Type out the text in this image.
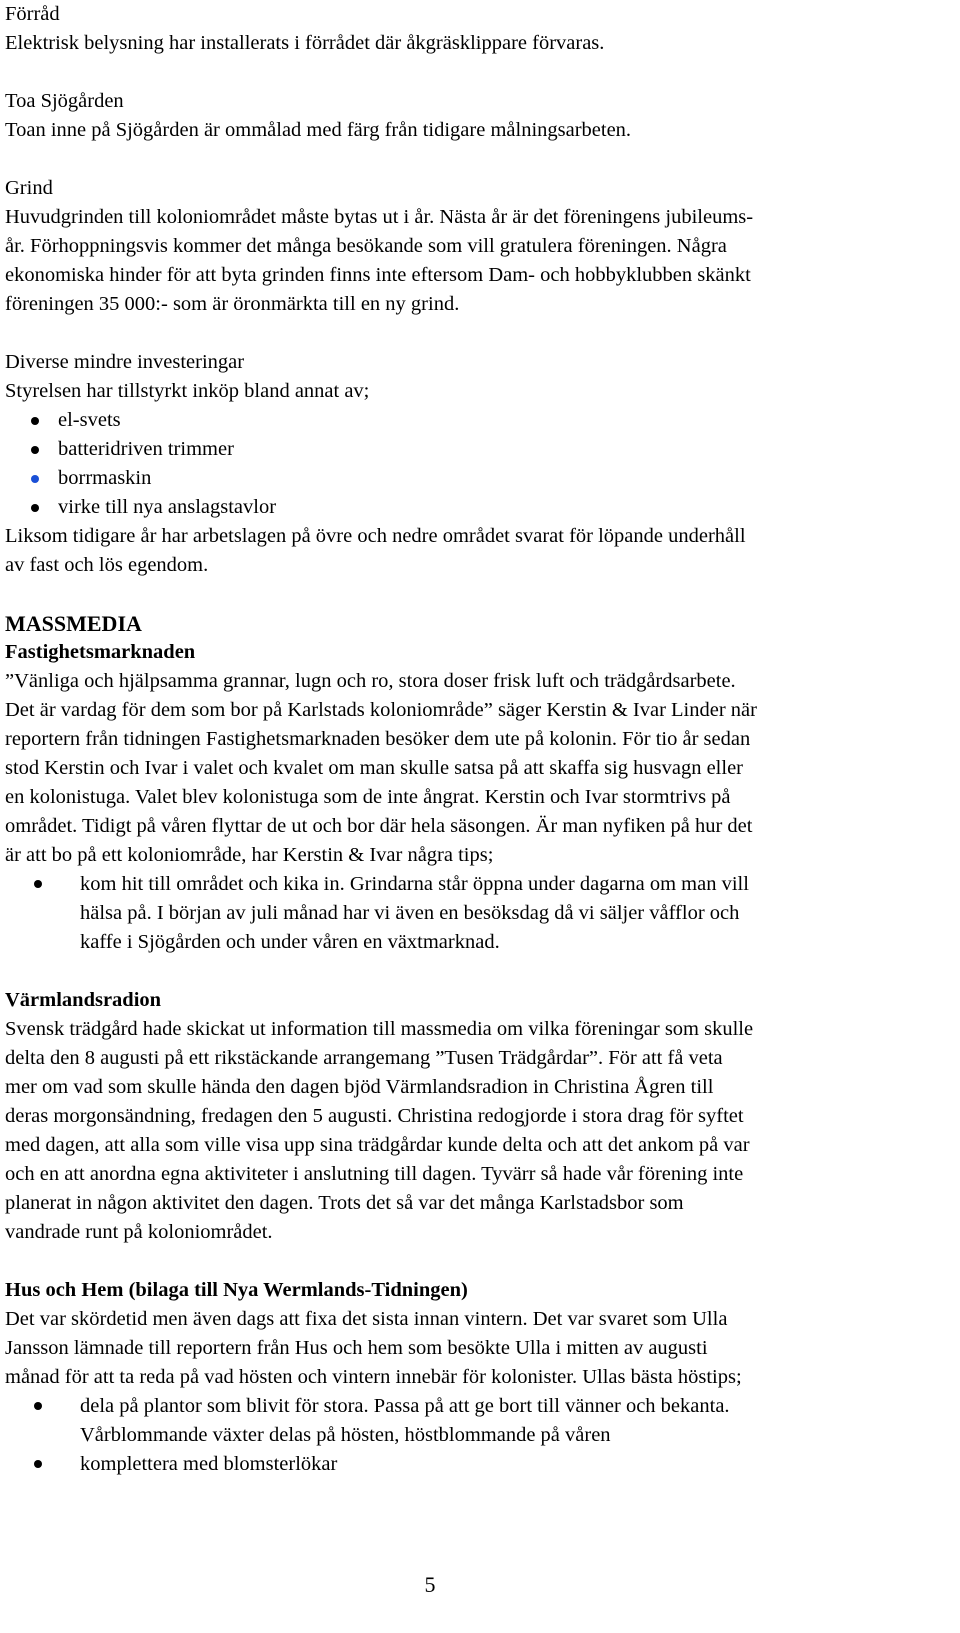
Förråd

Elektrisk belysning har installerats i förrådet där åkgräsklippare förvaras.

Toa Sjögården

Toan inne på Sjögården är ommålad med färg från tidigare målningsarbeten.

Grind

Huvudgrinden till koloniområdet måste bytas ut i år. Nästa år är det föreningens jubileums-

år. Förhoppningsvis kommer det många besökande som vill gratulera föreningen. Några

ekonomiska hinder för att byta grinden finns inte eftersom Dam- och hobbyklubben skänkt

föreningen 35 000:- som är öronmärkta till en ny grind.

Diverse mindre investeringar

Styrelsen har tillstyrkt inköp bland annat av;

el-svets
batteridriven trimmer
borrmaskin
virke till nya anslagstavlor

Liksom tidigare år har arbetslagen på övre och nedre området svarat för löpande underhåll

av fast och lös egendom.

MASSMEDIA

Fastighetsmarknaden

”Vänliga och hjälpsamma grannar, lugn och ro, stora doser frisk luft och trädgårdsarbete.

Det är vardag för dem som bor på Karlstads koloniområde” säger Kerstin & Ivar Linder när

reportern från tidningen Fastighetsmarknaden besöker dem ute på kolonin. För tio år sedan

stod Kerstin och Ivar i valet och kvalet om man skulle satsa på att skaffa sig husvagn eller

en kolonistuga. Valet blev kolonistuga som de inte ångrat. Kerstin och Ivar stormtrivs på

området. Tidigt på våren flyttar de ut och bor där hela säsongen. Är man nyfiken på hur det

är att bo på ett koloniområde, har Kerstin & Ivar några tips;

kom hit till området och kika in. Grindarna står öppna under dagarna om man vill
hälsa på. I början av juli månad har vi även en besöksdag då vi säljer våfflor och
kaffe i Sjögården och under våren en växtmarknad.

Värmlandsradion

Svensk trädgård hade skickat ut information till massmedia om vilka föreningar som skulle

delta den 8 augusti på ett rikstäckande arrangemang ”Tusen Trädgårdar”. För att få veta

mer om vad som skulle hända den dagen bjöd Värmlandsradion in Christina Ågren till

deras morgonsändning, fredagen den 5 augusti. Christina redogjorde i stora drag för syftet

med dagen, att alla som ville visa upp sina trädgårdar kunde delta och att det ankom på var

och en att anordna egna aktiviteter i anslutning till dagen. Tyvärr så hade vår förening inte

planerat in någon aktivitet den dagen. Trots det så var det många Karlstadsbor som

vandrade runt på koloniområdet.

Hus och Hem (bilaga till Nya Wermlands-Tidningen)

Det var skördetid men även dags att fixa det sista innan vintern. Det var svaret som Ulla

Jansson lämnade till reportern från Hus och hem som besökte Ulla i mitten av augusti

månad för att ta reda på vad hösten och vintern innebär för kolonister. Ullas bästa höstips;

dela på plantor som blivit för stora. Passa på att ge bort till vänner och bekanta.
Vårblommande växter delas på hösten, höstblommande på våren
komplettera med blomsterlökar
5
